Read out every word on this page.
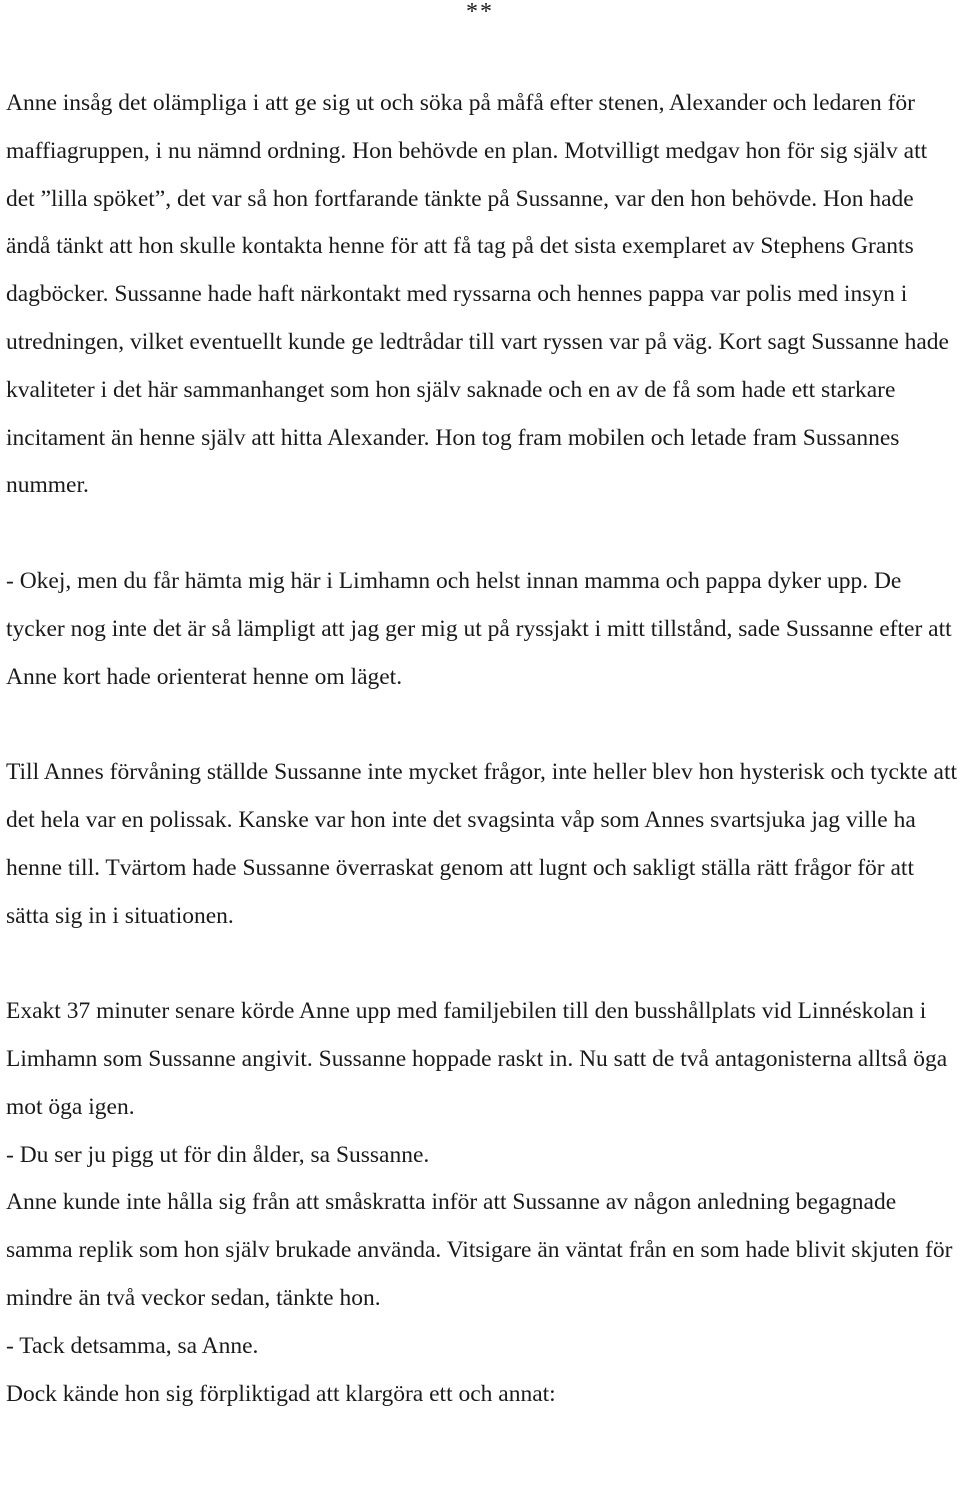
**

Anne insåg det olämpliga i att ge sig ut och söka på måfå efter stenen, Alexander och ledaren för maffiagruppen, i nu nämnd ordning. Hon behövde en plan. Motvilligt medgav hon för sig själv att det ”lilla spöket”, det var så hon fortfarande tänkte på Sussanne, var den hon behövde. Hon hade ändå tänkt att hon skulle kontakta henne för att få tag på det sista exemplaret av Stephens Grants dagböcker. Sussanne hade haft närkontakt med ryssarna och hennes pappa var polis med insyn i utredningen, vilket eventuellt kunde ge ledtrådar till vart ryssen var på väg. Kort sagt Sussanne hade kvaliteter i det här sammanhanget som hon själv saknade och en av de få som hade ett starkare incitament än henne själv att hitta Alexander. Hon tog fram mobilen och letade fram Sussannes nummer.

- Okej, men du får hämta mig här i Limhamn och helst innan mamma och pappa dyker upp. De tycker nog inte det är så lämpligt att jag ger mig ut på ryssjakt i mitt tillstånd, sade Sussanne efter att Anne kort hade orienterat henne om läget.

Till Annes förvåning ställde Sussanne inte mycket frågor, inte heller blev hon hysterisk och tyckte att det hela var en polissak. Kanske var hon inte det svagsinta våp som Annes svartsjuka jag ville ha henne till. Tvärtom hade Sussanne överraskat genom att lugnt och sakligt ställa rätt frågor för att sätta sig in i situationen.

Exakt 37 minuter senare körde Anne upp med familjebilen till den busshållplats vid Linnéskolan i Limhamn som Sussanne angivit. Sussanne hoppade raskt in. Nu satt de två antagonisterna alltså öga mot öga igen.

- Du ser ju pigg ut för din ålder, sa Sussanne.

Anne kunde inte hålla sig från att småskratta inför att Sussanne av någon anledning begagnade samma replik som hon själv brukade använda. Vitsigare än väntat från en som hade blivit skjuten för mindre än två veckor sedan, tänkte hon.

- Tack detsamma, sa Anne.

Dock kände hon sig förpliktigad att klargöra ett och annat:
